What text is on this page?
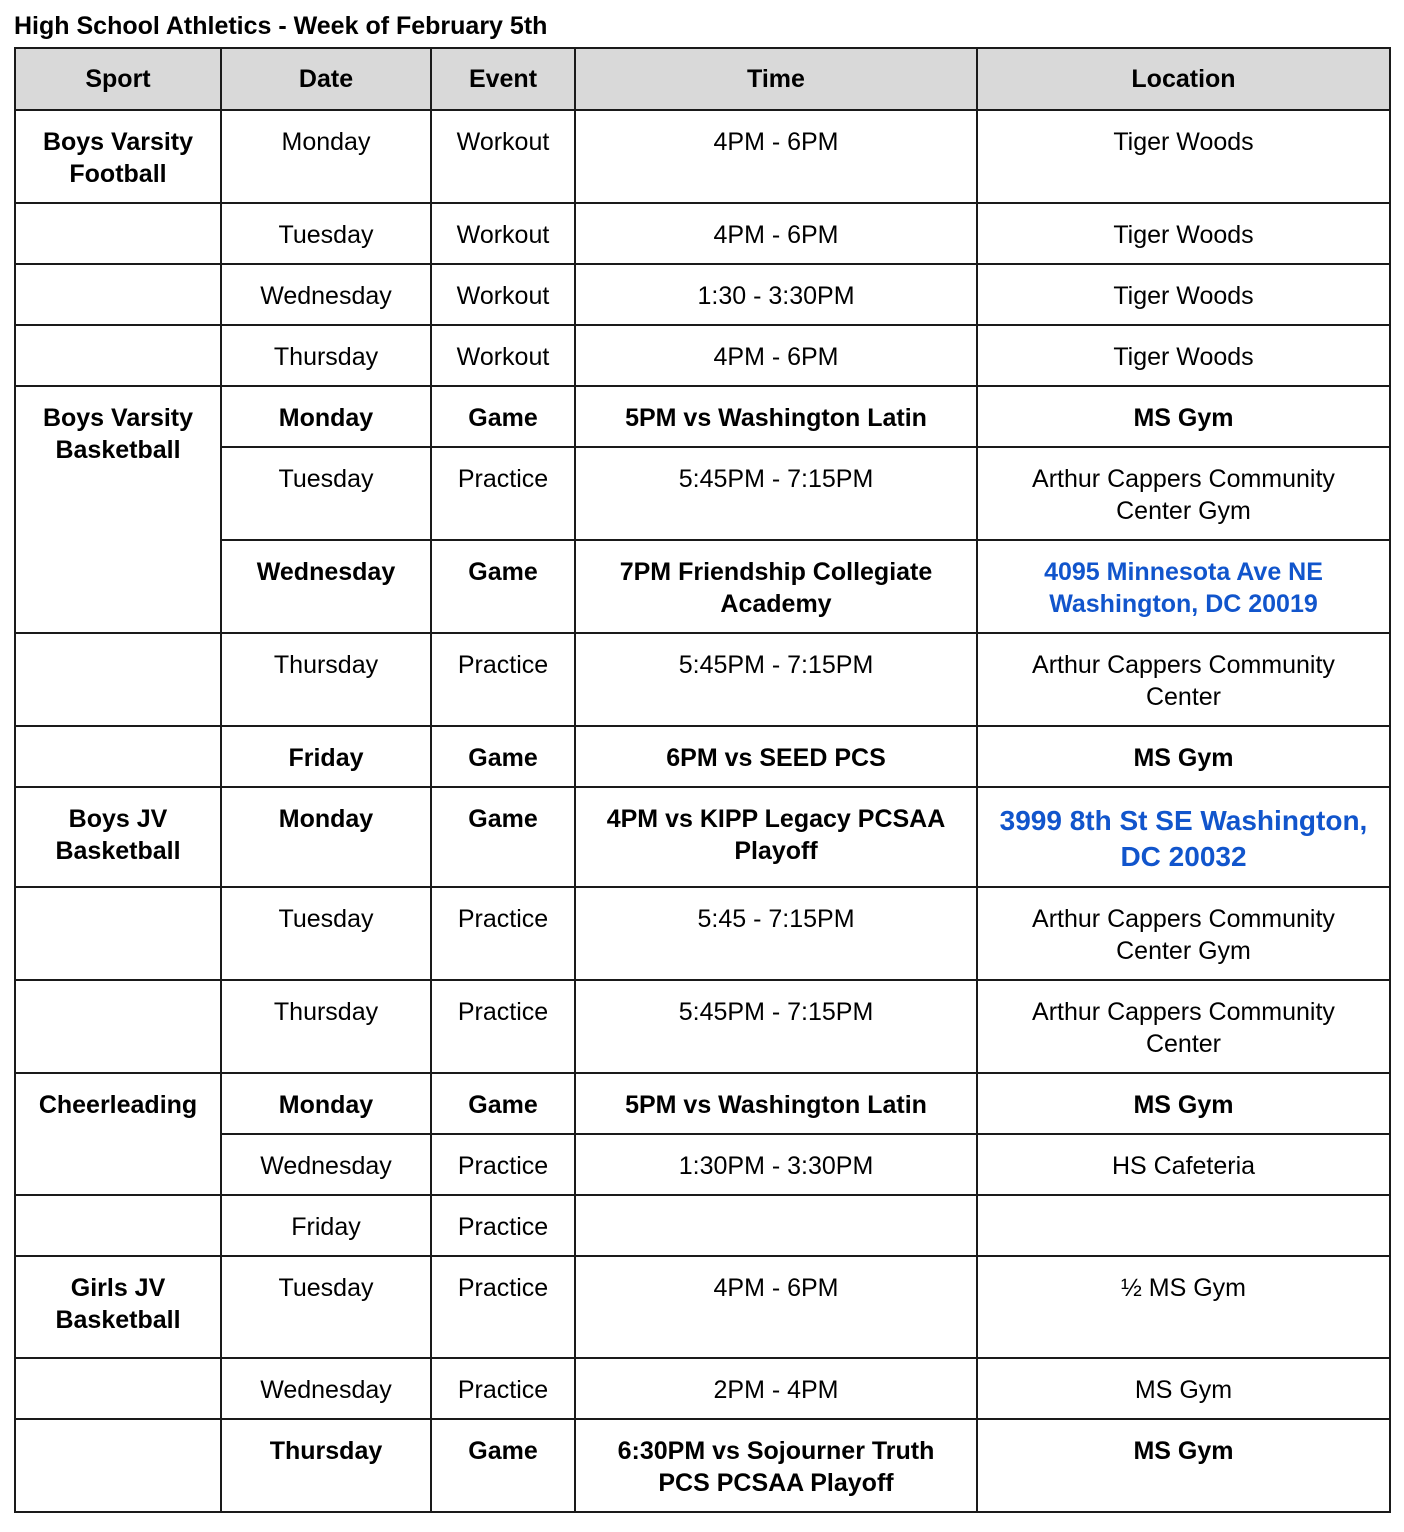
High School Athletics - Week of February 5th
Sport	Date	Event	Time	Location
Boys Varsity Football	Monday	Workout	4PM - 6PM	Tiger Woods
	Tuesday	Workout	4PM - 6PM	Tiger Woods
	Wednesday	Workout	1:30 - 3:30PM	Tiger Woods
	Thursday	Workout	4PM - 6PM	Tiger Woods
Boys Varsity Basketball	Monday	Game	5PM vs Washington Latin	MS Gym
	Tuesday	Practice	5:45PM - 7:15PM	Arthur Cappers Community Center Gym
	Wednesday	Game	7PM Friendship Collegiate Academy	4095 Minnesota Ave NE Washington, DC 20019
	Thursday	Practice	5:45PM - 7:15PM	Arthur Cappers Community Center
	Friday	Game	6PM vs SEED PCS	MS Gym
Boys JV Basketball	Monday	Game	4PM vs KIPP Legacy PCSAA Playoff	3999 8th St SE Washington, DC 20032
	Tuesday	Practice	5:45 - 7:15PM	Arthur Cappers Community Center Gym
	Thursday	Practice	5:45PM - 7:15PM	Arthur Cappers Community Center
Cheerleading	Monday	Game	5PM vs Washington Latin	MS Gym
	Wednesday	Practice	1:30PM - 3:30PM	HS Cafeteria
	Friday	Practice		
Girls JV Basketball	Tuesday	Practice	4PM - 6PM	½ MS Gym
	Wednesday	Practice	2PM - 4PM	MS Gym
	Thursday	Game	6:30PM vs Sojourner Truth PCS PCSAA Playoff	MS Gym
